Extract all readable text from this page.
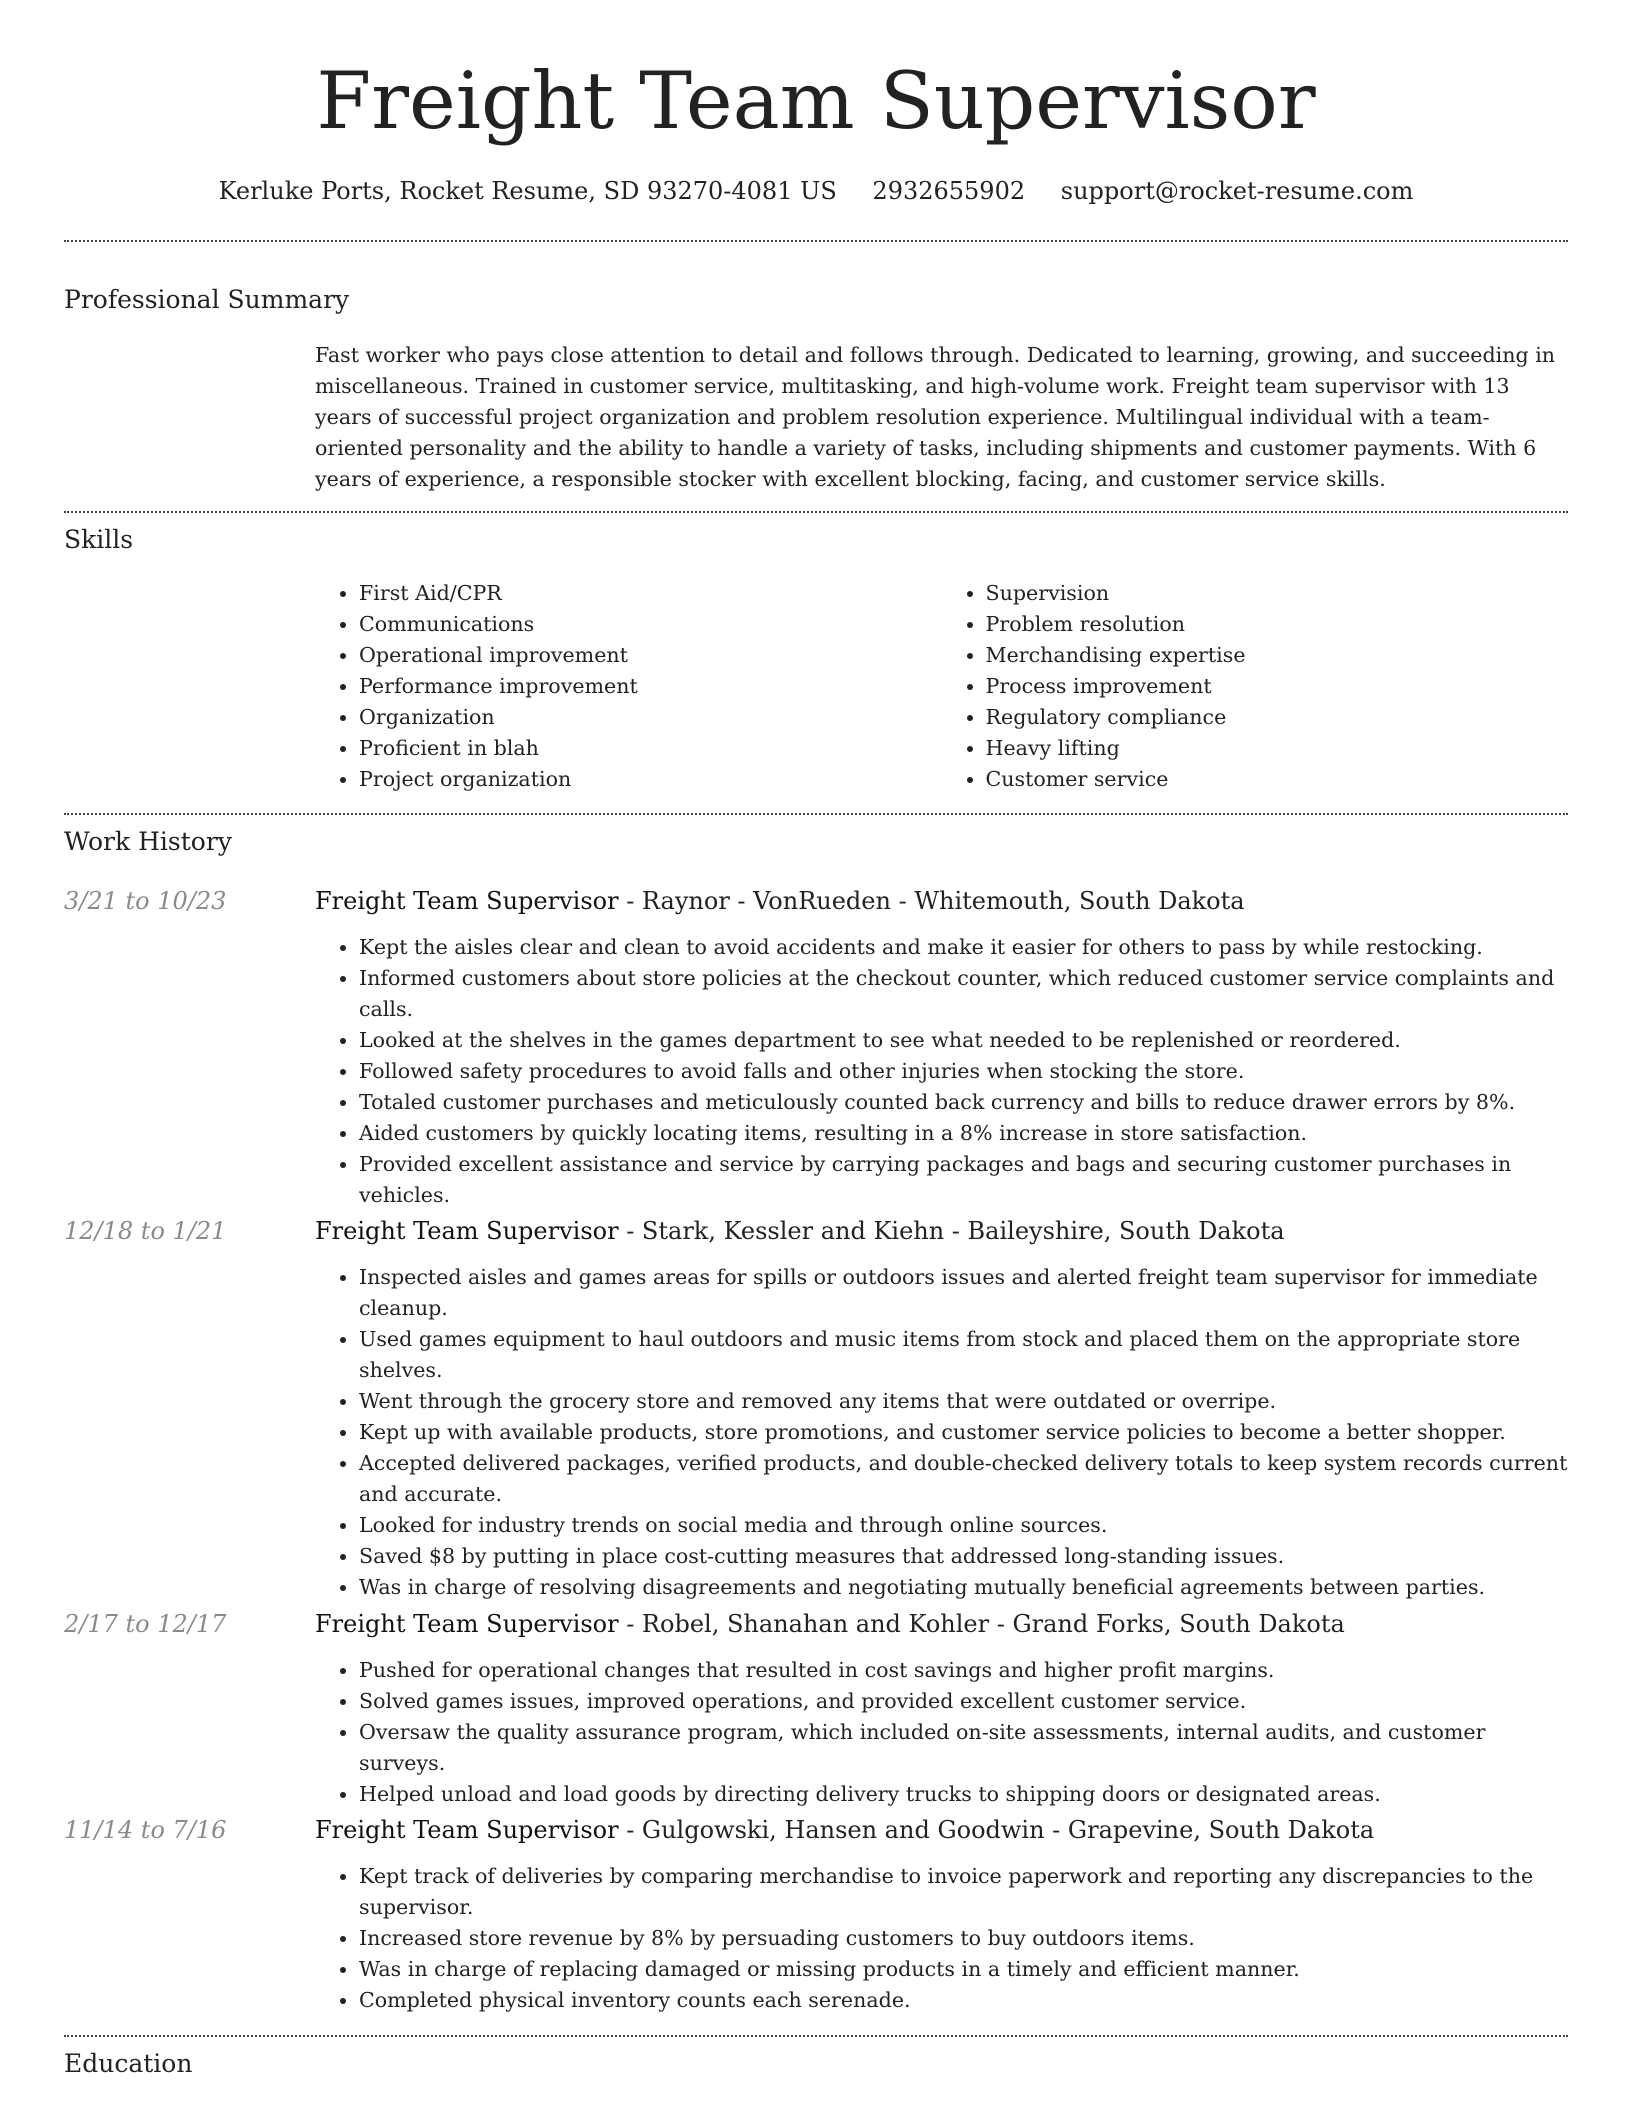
Freight Team Supervisor
Kerluke Ports, Rocket Resume, SD 93270-4081 US 2932655902 support@rocket-resume.com
Professional Summary
Fast worker who pays close attention to detail and follows through. Dedicated to learning, growing, and succeeding in miscellaneous. Trained in customer service, multitasking, and high-volume work. Freight team supervisor with 13 years of successful project organization and problem resolution experience. Multilingual individual with a team-oriented personality and the ability to handle a variety of tasks, including shipments and customer payments. With 6 years of experience, a responsible stocker with excellent blocking, facing, and customer service skills.
Skills
• First Aid/CPR
• Communications
• Operational improvement
• Performance improvement
• Organization
• Proficient in blah
• Project organization
• Supervision
• Problem resolution
• Merchandising expertise
• Process improvement
• Regulatory compliance
• Heavy lifting
• Customer service
Work History
3/21 to 10/23	Freight Team Supervisor - Raynor - VonRueden - Whitemouth, South Dakota
• Kept the aisles clear and clean to avoid accidents and make it easier for others to pass by while restocking.
• Informed customers about store policies at the checkout counter, which reduced customer service complaints and calls.
• Looked at the shelves in the games department to see what needed to be replenished or reordered.
• Followed safety procedures to avoid falls and other injuries when stocking the store.
• Totaled customer purchases and meticulously counted back currency and bills to reduce drawer errors by 8%.
• Aided customers by quickly locating items, resulting in a 8% increase in store satisfaction.
• Provided excellent assistance and service by carrying packages and bags and securing customer purchases in vehicles.
12/18 to 1/21	Freight Team Supervisor - Stark, Kessler and Kiehn - Baileyshire, South Dakota
• Inspected aisles and games areas for spills or outdoors issues and alerted freight team supervisor for immediate cleanup.
• Used games equipment to haul outdoors and music items from stock and placed them on the appropriate store shelves.
• Went through the grocery store and removed any items that were outdated or overripe.
• Kept up with available products, store promotions, and customer service policies to become a better shopper.
• Accepted delivered packages, verified products, and double-checked delivery totals to keep system records current and accurate.
• Looked for industry trends on social media and through online sources.
• Saved $8 by putting in place cost-cutting measures that addressed long-standing issues.
• Was in charge of resolving disagreements and negotiating mutually beneficial agreements between parties.
2/17 to 12/17	Freight Team Supervisor - Robel, Shanahan and Kohler - Grand Forks, South Dakota
• Pushed for operational changes that resulted in cost savings and higher profit margins.
• Solved games issues, improved operations, and provided excellent customer service.
• Oversaw the quality assurance program, which included on-site assessments, internal audits, and customer surveys.
• Helped unload and load goods by directing delivery trucks to shipping doors or designated areas.
11/14 to 7/16	Freight Team Supervisor - Gulgowski, Hansen and Goodwin - Grapevine, South Dakota
• Kept track of deliveries by comparing merchandise to invoice paperwork and reporting any discrepancies to the supervisor.
• Increased store revenue by 8% by persuading customers to buy outdoors items.
• Was in charge of replacing damaged or missing products in a timely and efficient manner.
• Completed physical inventory counts each serenade.
Education
